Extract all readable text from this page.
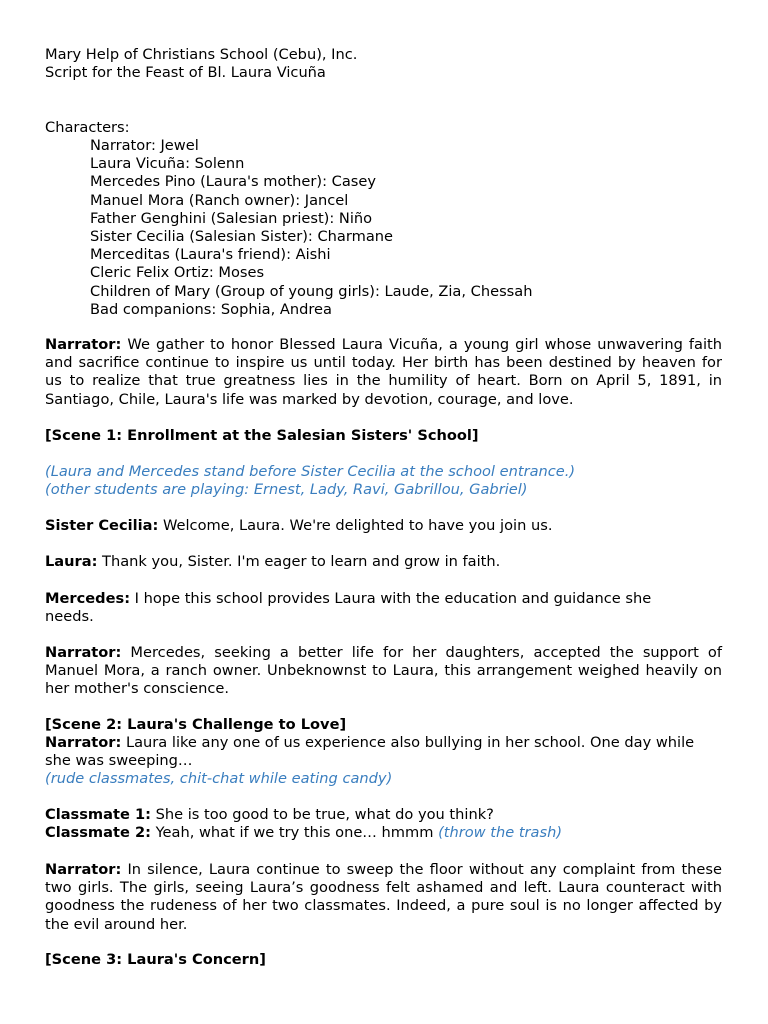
Mary Help of Christians School (Cebu), Inc.
Script for the Feast of Bl. Laura Vicuña
Characters:
Narrator: Jewel
Laura Vicuña: Solenn
Mercedes Pino (Laura's mother): Casey
Manuel Mora (Ranch owner): Jancel
Father Genghini (Salesian priest): Niño
Sister Cecilia (Salesian Sister): Charmane
Merceditas (Laura's friend): Aishi
Cleric Felix Ortiz: Moses
Children of Mary (Group of young girls): Laude, Zia, Chessah
Bad companions: Sophia, Andrea

Narrator: We gather to honor Blessed Laura Vicuña, a young girl whose unwavering faith and sacrifice continue to inspire us until today. Her birth has been destined by heaven for us to realize that true greatness lies in the humility of heart. Born on April 5, 1891, in Santiago, Chile, Laura's life was marked by devotion, courage, and love.

[Scene 1: Enrollment at the Salesian Sisters' School]
(Laura and Mercedes stand before Sister Cecilia at the school entrance.)
(other students are playing: Ernest, Lady, Ravi, Gabrillou, Gabriel)

Sister Cecilia: Welcome, Laura. We're delighted to have you join us.

Laura: Thank you, Sister. I'm eager to learn and grow in faith.

Mercedes: I hope this school provides Laura with the education and guidance she needs.

Narrator: Mercedes, seeking a better life for her daughters, accepted the support of Manuel Mora, a ranch owner. Unbeknownst to Laura, this arrangement weighed heavily on her mother's conscience.

[Scene 2: Laura's Challenge to Love]

Narrator: Laura like any one of us experience also bullying in her school. One day while she was sweeping…

(rude classmates, chit-chat while eating candy)

Classmate 1: She is too good to be true, what do you think?

Classmate 2: Yeah, what if we try this one… hmmm (throw the trash)

Narrator: In silence, Laura continue to sweep the floor without any complaint from these two girls. The girls, seeing Laura’s goodness felt ashamed and left. Laura counteract with goodness the rudeness of her two classmates. Indeed, a pure soul is no longer affected by the evil around her.

[Scene 3: Laura's Concern]
